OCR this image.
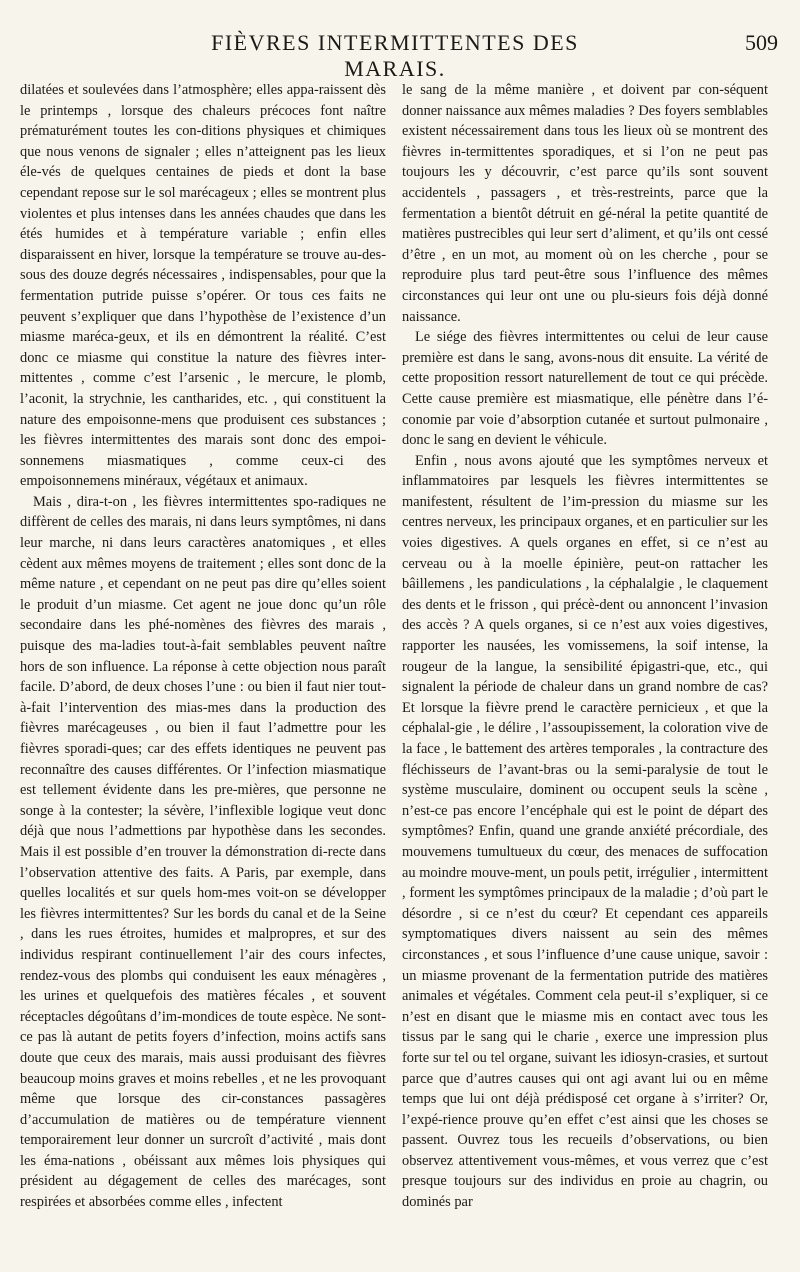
FIÈVRES INTERMITTENTES DES MARAIS.
509

dilatées et soulevées dans l’atmosphère; elles appa-raissent dès le printemps , lorsque des chaleurs précoces font naître prématurément toutes les con-ditions physiques et chimiques que nous venons de signaler ; elles n’atteignent pas les lieux éle-vés de quelques centaines de pieds et dont la base cependant repose sur le sol marécageux ; elles se montrent plus violentes et plus intenses dans les années chaudes que dans les étés humides et à température variable ; enfin elles disparaissent en hiver, lorsque la température se trouve au-des-sous des douze degrés nécessaires , indispensables, pour que la fermentation putride puisse s’opérer. Or tous ces faits ne peuvent s’expliquer que dans l’hypothèse de l’existence d’un miasme maréca-geux, et ils en démontrent la réalité. C’est donc ce miasme qui constitue la nature des fièvres inter-mittentes , comme c’est l’arsenic , le mercure, le plomb, l’aconit, la strychnie, les cantharides, etc. , qui constituent la nature des empoisonne-mens que produisent ces substances ; les fièvres intermittentes des marais sont donc des empoi-sonnemens miasmatiques , comme ceux-ci des empoisonnemens minéraux, végétaux et animaux.

Mais , dira-t-on , les fièvres intermittentes spo-radiques ne diffèrent de celles des marais, ni dans leurs symptômes, ni dans leur marche, ni dans leurs caractères anatomiques , et elles cèdent aux mêmes moyens de traitement ; elles sont donc de la même nature , et cependant on ne peut pas dire qu’elles soient le produit d’un miasme. Cet agent ne joue donc qu’un rôle secondaire dans les phé-nomènes des fièvres des marais , puisque des ma-ladies tout-à-fait semblables peuvent naître hors de son influence. La réponse à cette objection nous paraît facile. D’abord, de deux choses l’une : ou bien il faut nier tout-à-fait l’intervention des mias-mes dans la production des fièvres marécageuses , ou bien il faut l’admettre pour les fièvres sporadi-ques; car des effets identiques ne peuvent pas reconnaître des causes différentes. Or l’infection miasmatique est tellement évidente dans les pre-mières, que personne ne songe à la contester; la sévère, l’inflexible logique veut donc déjà que nous l’admettions par hypothèse dans les secondes. Mais il est possible d’en trouver la démonstration di-recte dans l’observation attentive des faits. A Paris, par exemple, dans quelles localités et sur quels hom-mes voit-on se développer les fièvres intermittentes? Sur les bords du canal et de la Seine , dans les rues étroites, humides et malpropres, et sur des individus respirant continuellement l’air des cours infectes, rendez-vous des plombs qui conduisent les eaux ménagères , les urines et quelquefois des matières fécales , et souvent réceptacles dégoûtans d’im-mondices de toute espèce. Ne sont-ce pas là autant de petits foyers d’infection, moins actifs sans doute que ceux des marais, mais aussi produisant des fièvres beaucoup moins graves et moins rebelles , et ne les provoquant même que lorsque des cir-constances passagères d’accumulation de matières ou de température viennent temporairement leur donner un surcroît d’activité , mais dont les éma-nations , obéissant aux mêmes lois physiques qui président au dégagement de celles des marécages, sont respirées et absorbées comme elles , infectent

le sang de la même manière , et doivent par con-séquent donner naissance aux mêmes maladies ? Des foyers semblables existent nécessairement dans tous les lieux où se montrent des fièvres in-termittentes sporadiques, et si l’on ne peut pas toujours les y découvrir, c’est parce qu’ils sont souvent accidentels , passagers , et très-restreints, parce que la fermentation a bientôt détruit en gé-néral la petite quantité de matières pustrecibles qui leur sert d’aliment, et qu’ils ont cessé d’être , en un mot, au moment où on les cherche , pour se reproduire plus tard peut-être sous l’influence des mêmes circonstances qui leur ont une ou plu-sieurs fois déjà donné naissance.

Le siége des fièvres intermittentes ou celui de leur cause première est dans le sang, avons-nous dit ensuite. La vérité de cette proposition ressort naturellement de tout ce qui précède. Cette cause première est miasmatique, elle pénètre dans l’é-conomie par voie d’absorption cutanée et surtout pulmonaire , donc le sang en devient le véhicule.

Enfin , nous avons ajouté que les symptômes nerveux et inflammatoires par lesquels les fièvres intermittentes se manifestent, résultent de l’im-pression du miasme sur les centres nerveux, les principaux organes, et en particulier sur les voies digestives. A quels organes en effet, si ce n’est au cerveau ou à la moelle épinière, peut-on rattacher les bâillemens , les pandiculations , la céphalalgie , le claquement des dents et le frisson , qui précè-dent ou annoncent l’invasion des accès ? A quels organes, si ce n’est aux voies digestives, rapporter les nausées, les vomissemens, la soif intense, la rougeur de la langue, la sensibilité épigastri-que, etc., qui signalent la période de chaleur dans un grand nombre de cas? Et lorsque la fièvre prend le caractère pernicieux , et que la céphalal-gie , le délire , l’assoupissement, la coloration vive de la face , le battement des artères temporales , la contracture des fléchisseurs de l’avant-bras ou la semi-paralysie de tout le système musculaire, dominent ou occupent seuls la scène , n’est-ce pas encore l’encéphale qui est le point de départ des symptômes? Enfin, quand une grande anxiété précordiale, des mouvemens tumultueux du cœur, des menaces de suffocation au moindre mouve-ment, un pouls petit, irrégulier , intermittent , forment les symptômes principaux de la maladie ; d’où part le désordre , si ce n’est du cœur? Et cependant ces appareils symptomatiques divers naissent au sein des mêmes circonstances , et sous l’influence d’une cause unique, savoir : un miasme provenant de la fermentation putride des matières animales et végétales. Comment cela peut-il s’expliquer, si ce n’est en disant que le miasme mis en contact avec tous les tissus par le sang qui le charie , exerce une impression plus forte sur tel ou tel organe, suivant les idiosyn-crasies, et surtout parce que d’autres causes qui ont agi avant lui ou en même temps que lui ont déjà prédisposé cet organe à s’irriter? Or, l’expé-rience prouve qu’en effet c’est ainsi que les choses se passent. Ouvrez tous les recueils d’observations, ou bien observez attentivement vous-mêmes, et vous verrez que c’est presque toujours sur des individus en proie au chagrin, ou dominés par
